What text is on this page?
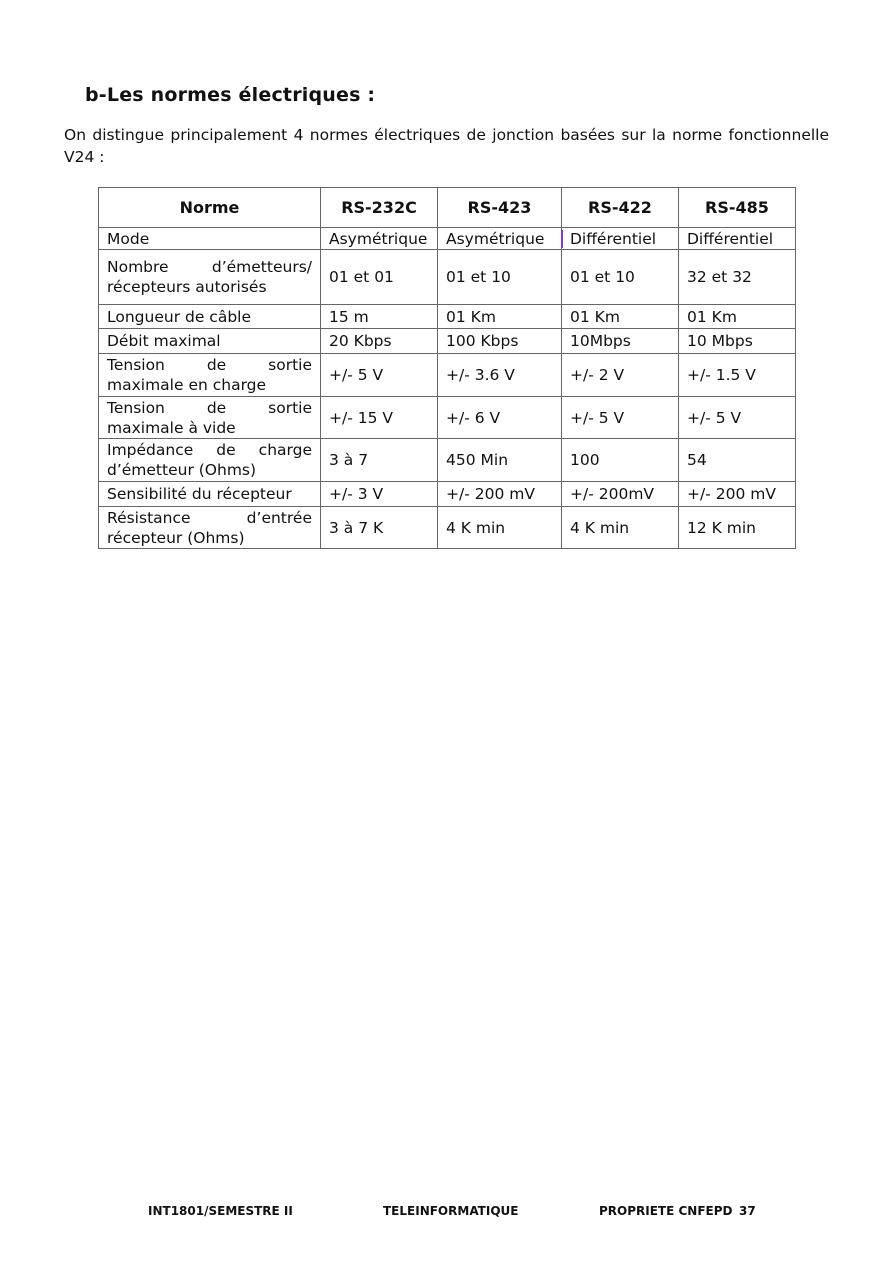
b-Les normes électriques :

On distingue principalement 4 normes électriques de jonction basées sur la norme fonctionnelle V24 :

Norme	RS-232C	RS-423	RS-422	RS-485
Mode	Asymétrique	Asymétrique	Différentiel	Différentiel
Nombre d’émetteurs/ récepteurs autorisés	01 et 01	01 et 10	01 et 10	32 et 32
Longueur de câble	15 m	01 Km	01 Km	01 Km
Débit maximal	20 Kbps	100 Kbps	10Mbps	10 Mbps
Tension de sortie maximale en charge	+/- 5 V	+/- 3.6 V	+/- 2 V	+/- 1.5 V
Tension de sortie maximale à vide	+/- 15 V	+/- 6 V	+/- 5 V	+/- 5 V
Impédance de charge d’émetteur (Ohms)	3 à 7	450 Min	100	54
Sensibilité du récepteur	+/- 3 V	+/- 200 mV	+/- 200mV	+/- 200 mV
Résistance d’entrée récepteur (Ohms)	3 à 7 K	4 K min	4 K min	12 K min

INT1801/SEMESTRE II	TELEINFORMATIQUE	PROPRIETE CNFEPD 37
